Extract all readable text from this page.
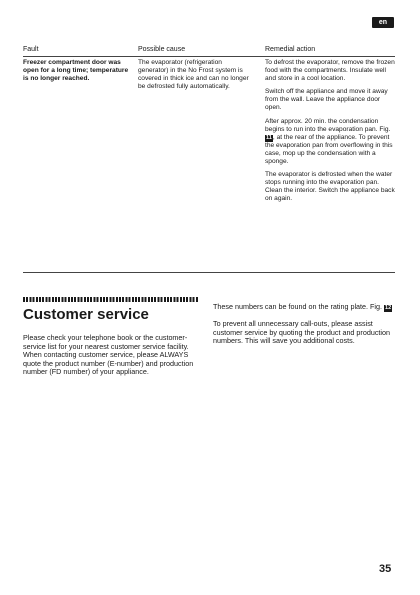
en
Fault	Possible cause	Remedial action
Freezer compartment door was open for a long time; temperature is no longer reached.
The evaporator (refrigeration generator) in the No Frost system is covered in thick ice and can no longer be defrosted fully automatically.

To defrost the evaporator, remove the frozen food with the compartments. Insulate well and store in a cool location.

Switch off the appliance and move it away from the wall. Leave the appliance door open.

After approx. 20 min. the condensation begins to run into the evaporation pan. Fig. 11, at the rear of the appliance. To prevent the evaporation pan from overflowing in this case, mop up the condensation with a sponge.

The evaporator is defrosted when the water stops running into the evaporation pan. Clean the interior. Switch the appliance back on again.

Customer service
Please check your telephone book or the customer-service list for your nearest customer service facility. When contacting customer service, please ALWAYS quote the product number (E-number) and production number (FD number) of your appliance.

These numbers can be found on the rating plate. Fig. 12

To prevent all unnecessary call-outs, please assist customer service by quoting the product and production numbers. This will save you additional costs.

35
